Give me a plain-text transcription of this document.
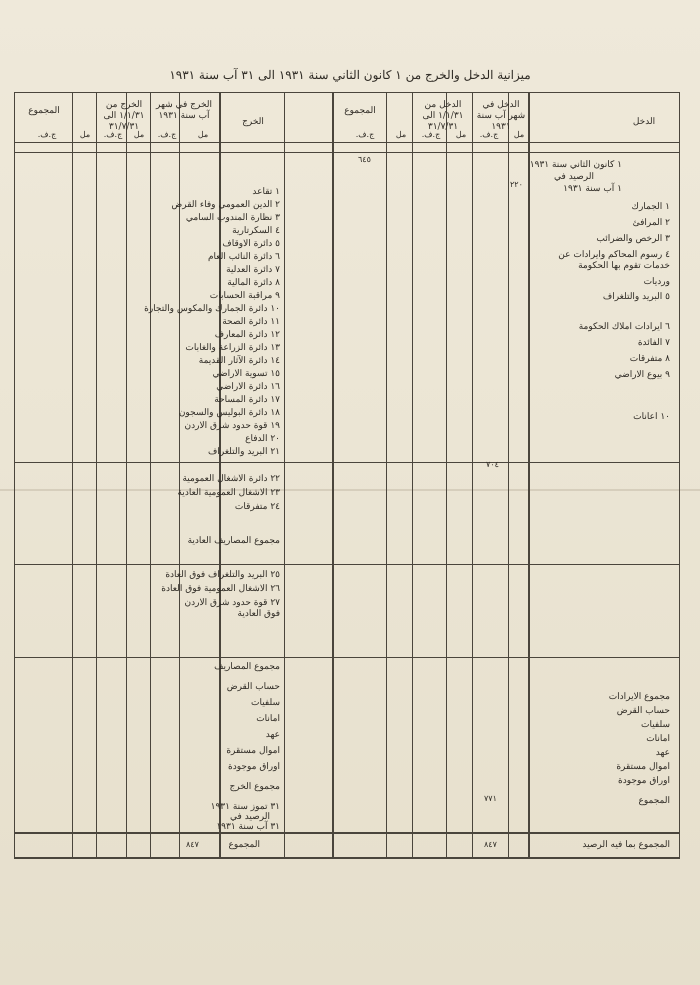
ميزانية الدخل والخرج من ١ كانون الثاني سنة ١٩٣١ الى ٣١ آب سنة ١٩٣١
الدخل
الدخل في شهر آب سنة ١٩٣١
الدخل من ١/١/٣١ الى ٣١/٧/٣١
المجموع
الخرج
الخرج في شهر آب سنة ١٩٣١
الخرج من ١/١/٣١ الى ٣١/٧/٣١
المجموع
مل
ج.ف.
مل
ج.ف.
مل
ج.ف.
مل
ج.ف.
مل
ج.ف.
مل
ج.ف.
١ كانون الثاني سنة ١٩٣١
الرصيد في
١ آب سنة ١٩٣١
١ الجمارك
٢ المرافئ
٣ الرخص والضرائب
٤ رسوم المحاكم وايرادات عن خدمات تقوم بها الحكومة
ورديات
٥ البريد والتلغراف
٦ ايرادات املاك الحكومة
٧ الفائدة
٨ متفرقات
٩ بيوع الاراضي
١٠ اعانات
مجموع الايرادات
حساب القرض
سلفيات
امانات
عهد
اموال مستقرة
اوراق موجودة
المجموع
المجموع بما فيه الرصيد
١ تقاعد
٢ الدين العمومي وفاء القرض
٣ نظارة المندوب السامي
٤ السكرتارية
٥ دائرة الاوقاف
٦ دائرة النائب العام
٧ دائرة العدلية
٨ دائرة المالية
٩ مراقبة الحسابات
١٠ دائرة الجمارك والمكوس والتجارة
١١ دائرة الصحة
١٢ دائرة المعارف
١٣ دائرة الزراعة والغابات
١٤ دائرة الآثار القديمة
١٥ تسوية الاراضي
١٦ دائرة الاراضي
١٧ دائرة المساحة
١٨ دائرة البوليس والسجون
١٩ قوة حدود شرق الاردن
٢٠ الدفاع
٢١ البريد والتلغراف
٢٢ دائرة الاشغال العمومية
٢٣ الاشغال العمومية العادية
٢٤ متفرقات
مجموع المصاريف العادية
٢٥ البريد والتلغراف فوق العادة
٢٦ الاشغال العمومية فوق العادة
٢٧ قوة حدود شرق الاردن فوق العادية
مجموع المصاريف
حساب القرض
سلفيات
امانات
عهد
اموال مستقرة
اوراق موجودة
مجموع الخرج
٣١ تموز سنة ١٩٣١
الرصيد في
٣١ آب سنة ١٩٣١
المجموع
٦٤٥
٢٢٠
٧٠٤
٧٧١
٨٤٧
٨٤٧
